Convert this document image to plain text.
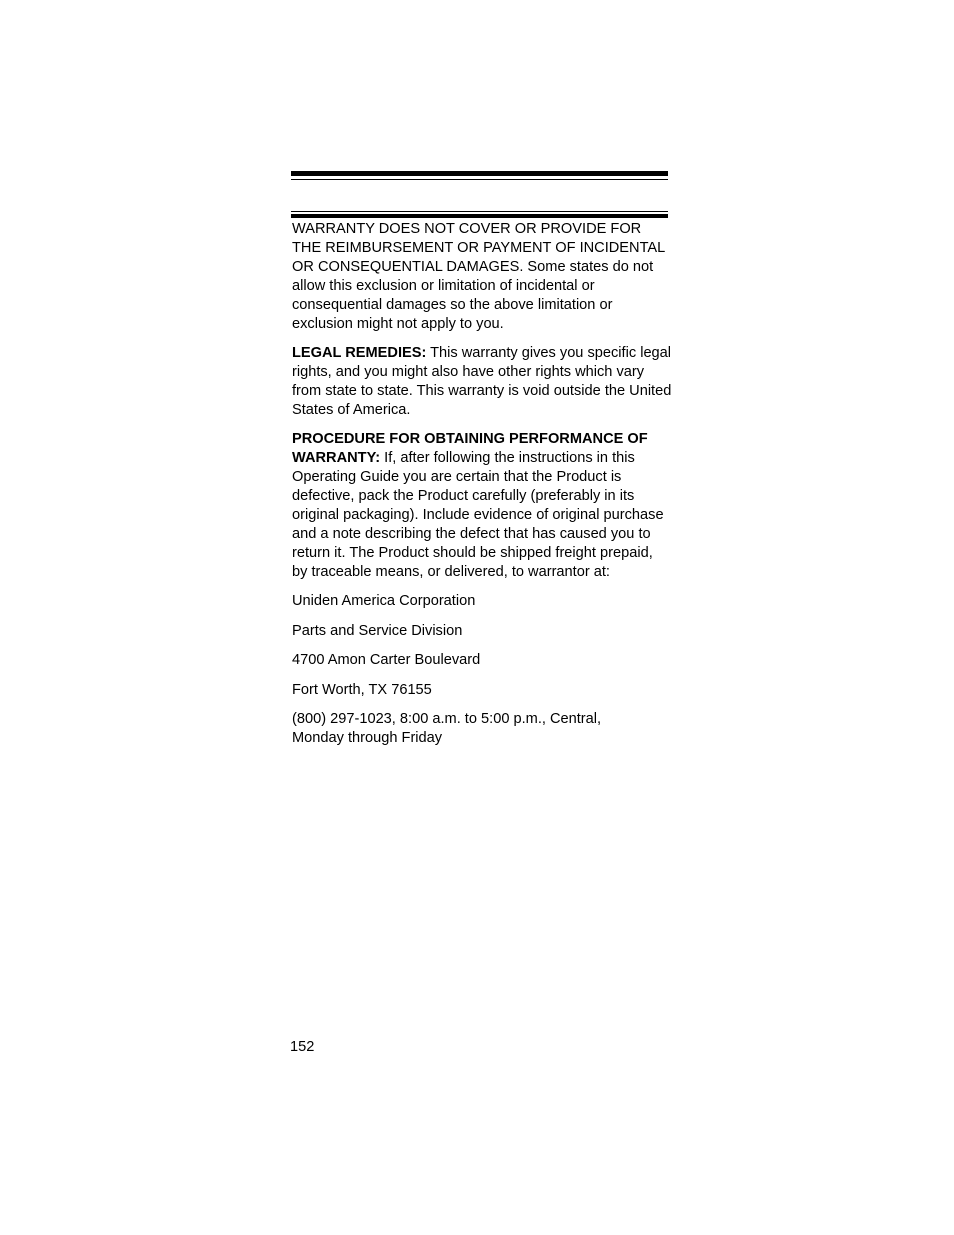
WARRANTY DOES NOT COVER OR PROVIDE FOR THE REIMBURSEMENT OR PAYMENT OF INCIDENTAL OR CONSEQUENTIAL DAMAGES. Some states do not allow this exclusion or limitation of incidental or consequential damages so the above limitation or exclusion might not apply to you.

LEGAL REMEDIES: This warranty gives you specific legal rights, and you might also have other rights which vary from state to state. This warranty is void outside the United States of America.

PROCEDURE FOR OBTAINING PERFORMANCE OF WARRANTY: If, after following the instructions in this Operating Guide you are certain that the Product is defective, pack the Product carefully (preferably in its original packaging). Include evidence of original purchase and a note describing the defect that has caused you to return it. The Product should be shipped freight prepaid, by traceable means, or delivered, to warrantor at:

Uniden America Corporation

Parts and Service Division

4700 Amon Carter Boulevard

Fort Worth, TX 76155

(800) 297-1023, 8:00 a.m. to 5:00 p.m., Central, Monday through Friday

152
